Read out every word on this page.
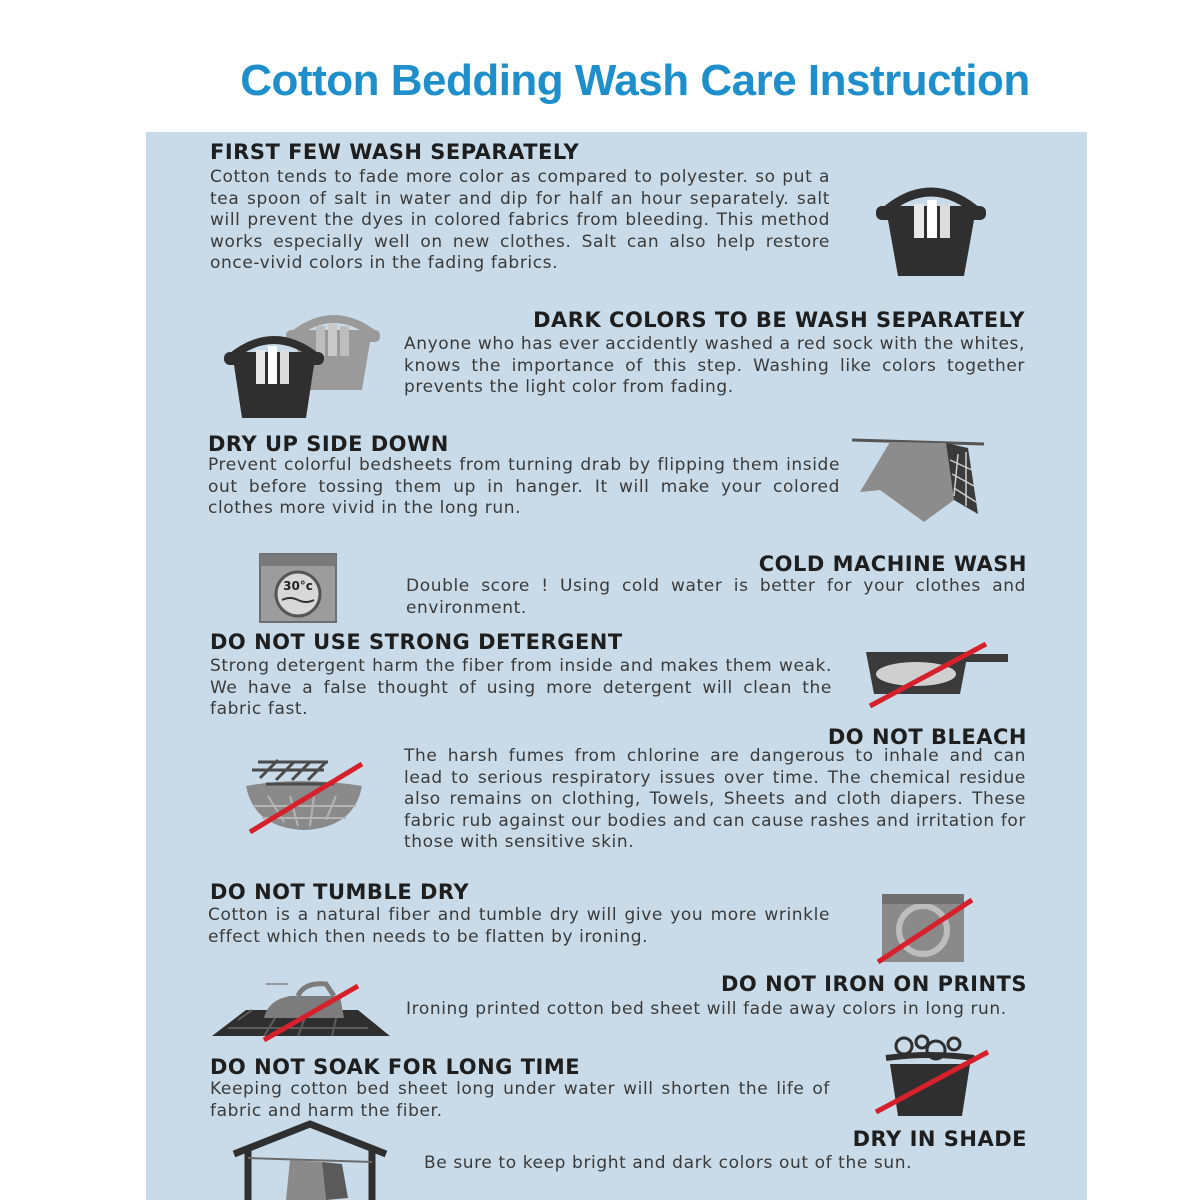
Cotton Bedding Wash Care Instruction
FIRST FEW WASH SEPARATELY
Cotton tends to fade more color as compared to polyester. so put a tea spoon of salt in water and dip for half an hour separately. salt will prevent the dyes in colored fabrics from bleeding. This method works especially well on new clothes. Salt can also help restore once-vivid colors in the fading fabrics.
DARK COLORS TO BE WASH SEPARATELY
Anyone who has ever accidently washed a red sock with the whites, knows the importance of this step. Washing like colors together prevents the light color from fading.
DRY UP SIDE DOWN
Prevent colorful bedsheets from turning drab by flipping them inside out before tossing them up in hanger. It will make your colored clothes more vivid in the long run.
COLD MACHINE WASH
Double score ! Using cold water is better for your clothes and environment.
30°c
DO NOT USE STRONG DETERGENT
Strong detergent harm the fiber from inside and makes them weak. We have a false thought of using more detergent will clean the fabric fast.
DO NOT BLEACH
The harsh fumes from chlorine are dangerous to inhale and can lead to serious respiratory issues over time. The chemical residue also remains on clothing, Towels, Sheets and cloth diapers. These fabric rub against our bodies and can cause rashes and irritation for those with sensitive skin.
DO NOT TUMBLE DRY
Cotton is a natural fiber and tumble dry will give you more wrinkle effect which then needs to be flatten by ironing.
DO NOT IRON ON PRINTS
Ironing printed cotton bed sheet will fade away colors in long run.
DO NOT SOAK FOR LONG TIME
Keeping cotton bed sheet long under water will shorten the life of fabric and harm the fiber.
DRY IN SHADE
Be sure to keep bright and dark colors out of the sun.
